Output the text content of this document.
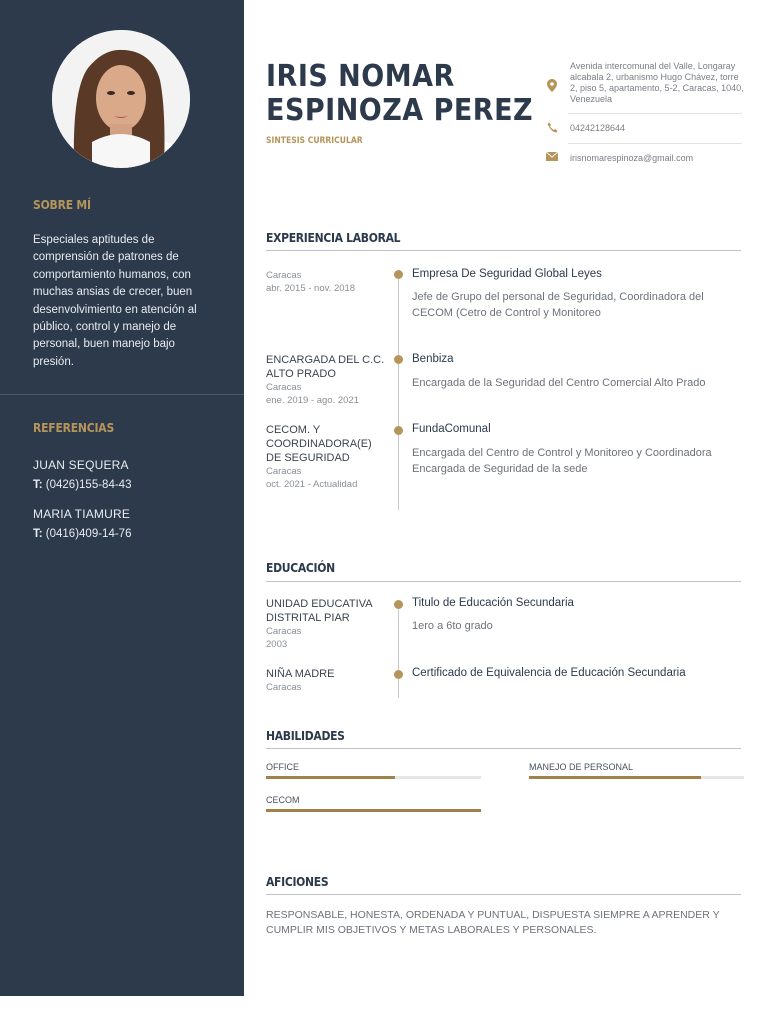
SOBRE MÍ
Especiales aptitudes de comprensión de patrones de comportamiento humanos, con muchas ansias de crecer, buen desenvolvimiento en atención al público, control y manejo de personal, buen manejo bajo presión.
REFERENCIAS
JUAN SEQUERA
T: (0426)155-84-43
MARIA TIAMURE
T: (0416)409-14-76
IRIS NOMAR
ESPINOZA PEREZ
SINTESIS CURRICULAR
Avenida intercomunal del Valle, Longaray alcabala 2, urbanismo Hugo Chávez, torre 2, piso 5, apartamento, 5-2, Caracas, 1040, Venezuela
04242128644
irisnomarespinoza@gmail.com
EXPERIENCIA LABORAL
Caracas
abr. 2015 - nov. 2018
Empresa De Seguridad Global Leyes
Jefe de Grupo del personal de Seguridad, Coordinadora del CECOM (Cetro de Control y Monitoreo
ENCARGADA DEL C.C. ALTO PRADO
Caracas
ene. 2019 - ago. 2021
Benbiza
Encargada de la Seguridad del Centro Comercial Alto Prado
CECOM. Y COORDINADORA(E) DE SEGURIDAD
Caracas
oct. 2021 - Actualidad
FundaComunal
Encargada del Centro de Control y Monitoreo y Coordinadora Encargada de Seguridad de la sede
EDUCACIÓN
UNIDAD EDUCATIVA DISTRITAL PIAR
Caracas
2003
Titulo de Educación Secundaria
1ero a 6to grado
NIÑA MADRE
Caracas
Certificado de Equivalencia de Educación Secundaria
HABILIDADES
OFFICE	MANEJO DE PERSONAL
CECOM
AFICIONES
RESPONSABLE, HONESTA, ORDENADA Y PUNTUAL, DISPUESTA SIEMPRE A APRENDER Y CUMPLIR MIS OBJETIVOS Y METAS LABORALES Y PERSONALES.
